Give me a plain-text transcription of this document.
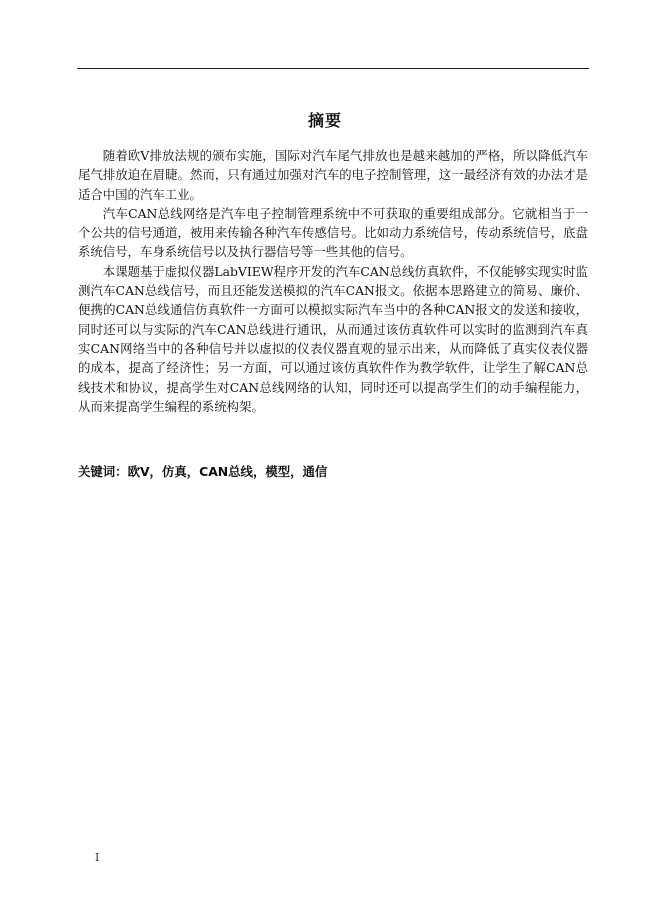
摘要

随着欧Ⅴ排放法规的颁布实施，国际对汽车尾气排放也是越来越加的严格，所以降低汽车尾气排放迫在眉睫。然而，只有通过加强对汽车的电子控制管理，这一最经济有效的办法才是适合中国的汽车工业。

汽车CAN总线网络是汽车电子控制管理系统中不可获取的重要组成部分。它就相当于一个公共的信号通道，被用来传输各种汽车传感信号。比如动力系统信号，传动系统信号，底盘系统信号，车身系统信号以及执行器信号等一些其他的信号。

本课题基于虚拟仪器LabVIEW程序开发的汽车CAN总线仿真软件，不仅能够实现实时监测汽车CAN总线信号，而且还能发送模拟的汽车CAN报文。依据本思路建立的简易、廉价、便携的CAN总线通信仿真软件一方面可以模拟实际汽车当中的各种CAN报文的发送和接收，同时还可以与实际的汽车CAN总线进行通讯，从而通过该仿真软件可以实时的监测到汽车真实CAN网络当中的各种信号并以虚拟的仪表仪器直观的显示出来，从而降低了真实仪表仪器的成本，提高了经济性；另一方面，可以通过该仿真软件作为教学软件，让学生了解CAN总线技术和协议，提高学生对CAN总线网络的认知，同时还可以提高学生们的动手编程能力，从而来提高学生编程的系统构架。

关键词：欧Ⅴ，仿真，CAN总线，模型，通信
I
